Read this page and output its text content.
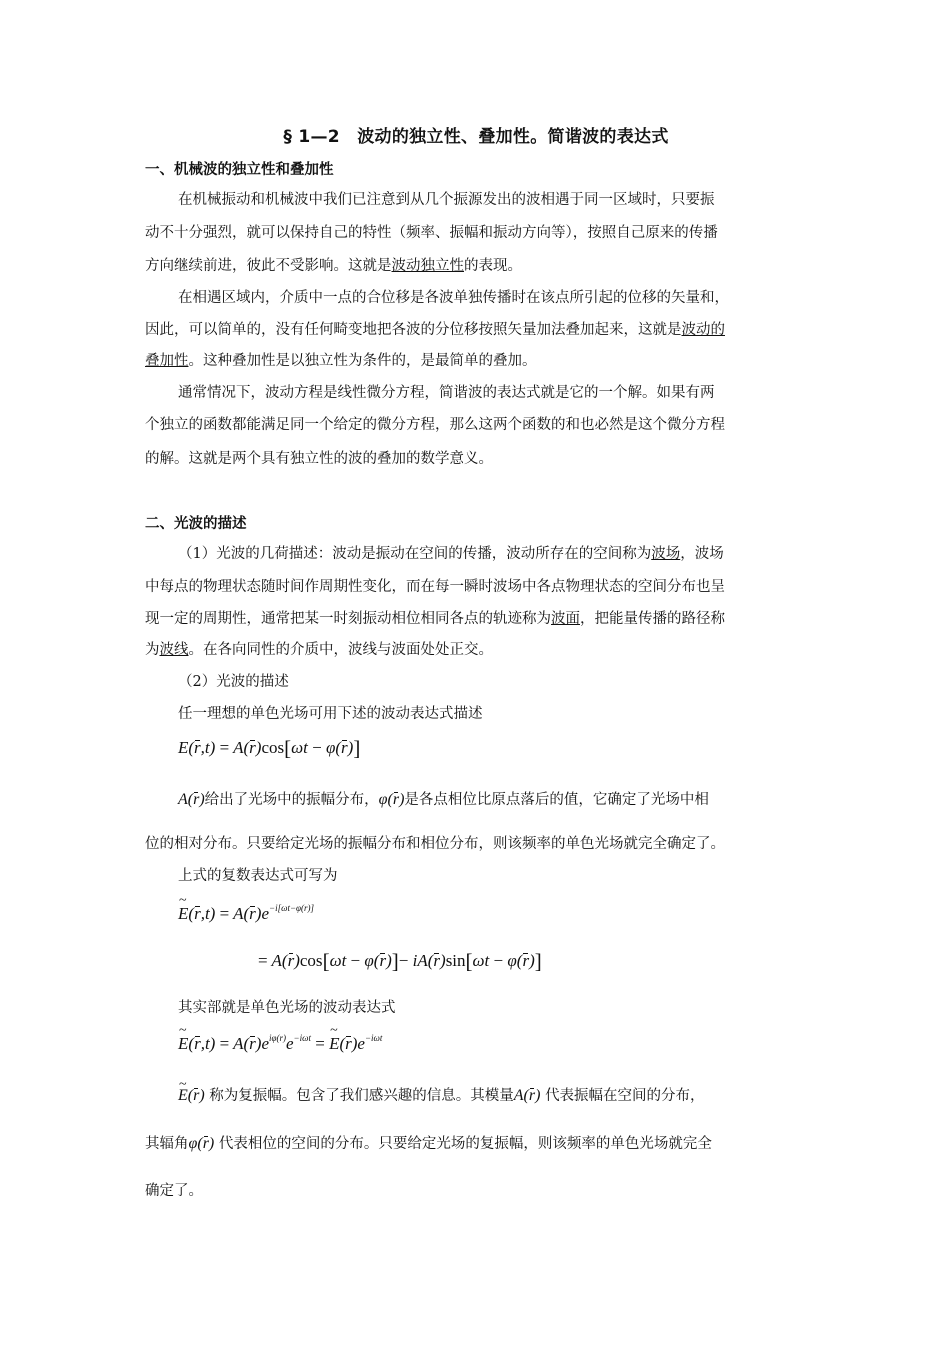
§ 1—2　波动的独立性、叠加性。简谐波的表达式
一、机械波的独立性和叠加性
在机械振动和机械波中我们已注意到从几个振源发出的波相遇于同一区域时，只要振
动不十分强烈，就可以保持自己的特性（频率、振幅和振动方向等），按照自己原来的传播
方向继续前进，彼此不受影响。这就是波动独立性的表现。
在相遇区域内，介质中一点的合位移是各波单独传播时在该点所引起的位移的矢量和，
因此，可以简单的，没有任何畸变地把各波的分位移按照矢量加法叠加起来，这就是波动的
叠加性。这种叠加性是以独立性为条件的，是最简单的叠加。
通常情况下，波动方程是线性微分方程，简谐波的表达式就是它的一个解。如果有两
个独立的函数都能满足同一个给定的微分方程，那么这两个函数的和也必然是这个微分方程
的解。这就是两个具有独立性的波的叠加的数学意义。
二、光波的描述
（1）光波的几荷描述：波动是振动在空间的传播，波动所存在的空间称为波场，波场
中每点的物理状态随时间作周期性变化，而在每一瞬时波场中各点物理状态的空间分布也呈
现一定的周期性，通常把某一时刻振动相位相同各点的轨迹称为波面，把能量传播的路径称
为波线。在各向同性的介质中，波线与波面处处正交。
（2）光波的描述
任一理想的单色光场可用下述的波动表达式描述
E(r,t) = A(r)cos[ωt − φ(r)]
A(r)给出了光场中的振幅分布，φ(r)是各点相位比原点落后的值，它确定了光场中相
位的相对分布。只要给定光场的振幅分布和相位分布，则该频率的单色光场就完全确定了。
上式的复数表达式可写为
~ $E(r,t) = A(r)e^{-i[\omega t-\varphi(r)]}$
= A(r)cos[ωt − φ(r)]− iA(r)sin[ωt − φ(r)]
其实部就是单色光场的波动表达式
~ $E(r,t) = A(r)e^{i\varphi(r)}e^{-i\omega t}$ = ~ $E(r)e^{-i\omega t}$
~ E(r) 称为复振幅。包含了我们感兴趣的信息。其模量A(r) 代表振幅在空间的分布，
其辐角φ(r) 代表相位的空间的分布。只要给定光场的复振幅，则该频率的单色光场就完全
确定了。
